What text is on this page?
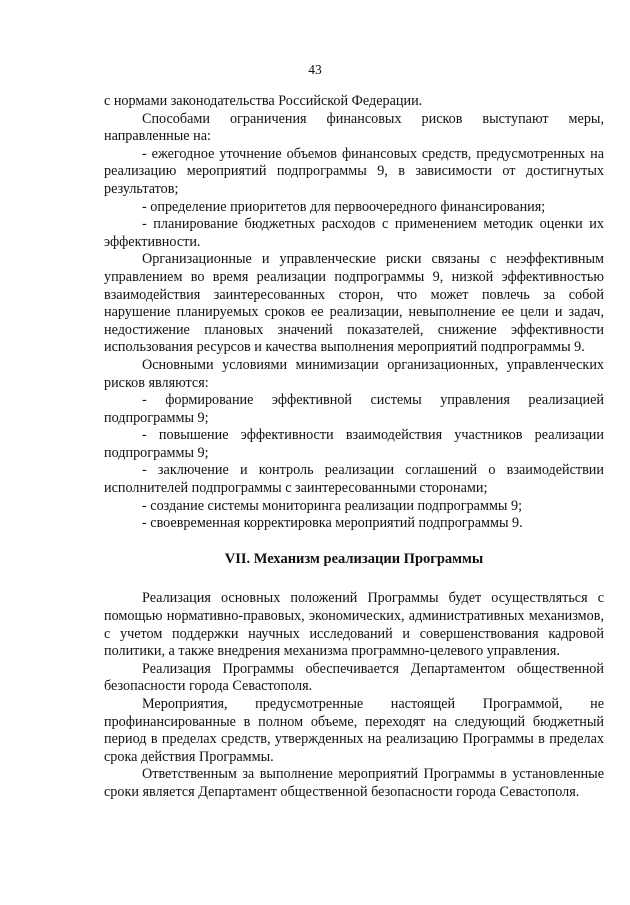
43

с нормами законодательства Российской Федерации.

Способами ограничения финансовых рисков выступают меры, направленные на:

- ежегодное уточнение объемов финансовых средств, предусмотренных на реализацию мероприятий подпрограммы 9, в зависимости от достигнутых результатов;

- определение приоритетов для первоочередного финансирования;

- планирование бюджетных расходов с применением методик оценки их эффективности.

Организационные и управленческие риски связаны с неэффективным управлением во время реализации подпрограммы 9, низкой эффективностью взаимодействия заинтересованных сторон, что может повлечь за собой нарушение планируемых сроков ее реализации, невыполнение ее цели и задач, недостижение плановых значений показателей, снижение эффективности использования ресурсов и качества выполнения мероприятий подпрограммы 9.

Основными условиями минимизации организационных, управленческих рисков являются:

- формирование эффективной системы управления реализацией подпрограммы 9;

- повышение эффективности взаимодействия участников реализации подпрограммы 9;

- заключение и контроль реализации соглашений о взаимодействии исполнителей подпрограммы с заинтересованными сторонами;

- создание системы мониторинга реализации подпрограммы 9;

- своевременная корректировка мероприятий подпрограммы 9.

VII. Механизм реализации Программы

Реализация основных положений Программы будет осуществляться с помощью нормативно-правовых, экономических, административных механизмов, с учетом поддержки научных исследований и совершенствования кадровой политики, а также внедрения механизма программно-целевого управления.

Реализация Программы обеспечивается Департаментом общественной безопасности города Севастополя.

Мероприятия, предусмотренные настоящей Программой, не профинансированные в полном объеме, переходят на следующий бюджетный период в пределах средств, утвержденных на реализацию Программы в пределах срока действия Программы.

Ответственным за выполнение мероприятий Программы в установленные сроки является Департамент общественной безопасности города Севастополя.
